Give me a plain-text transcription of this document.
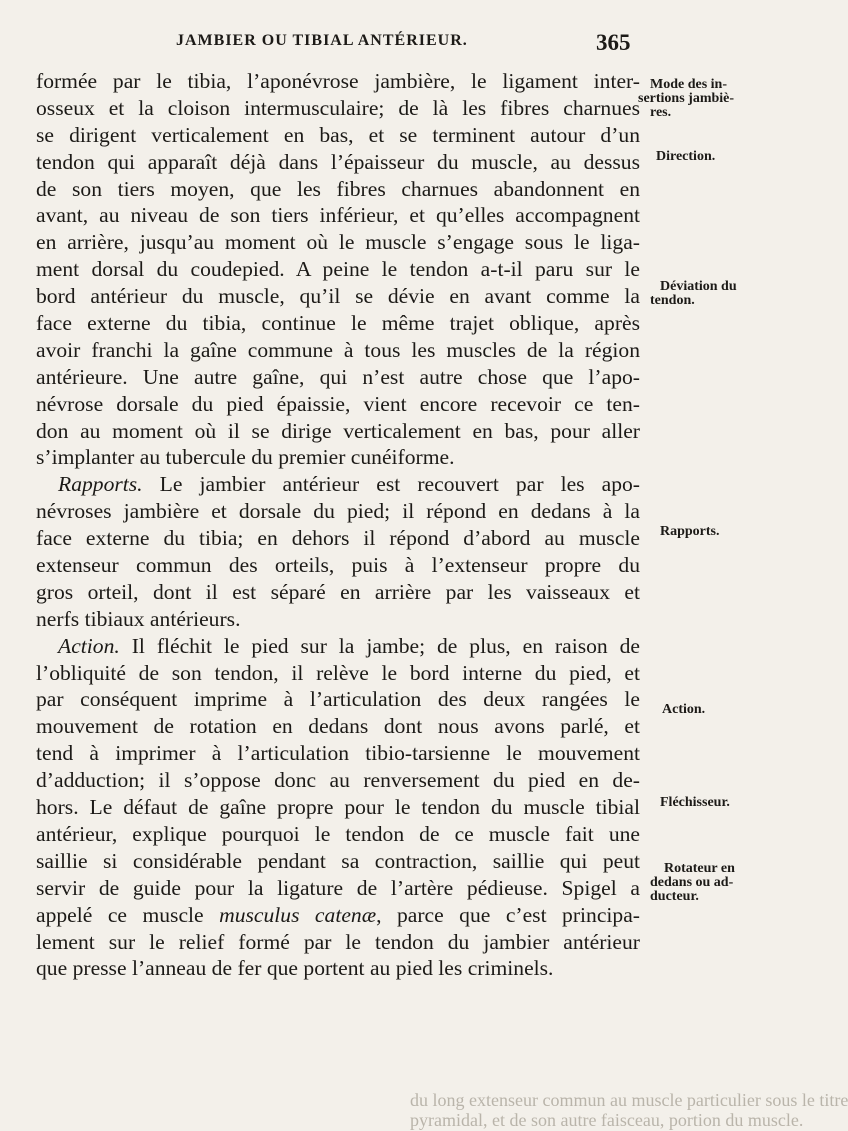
JAMBIER OU TIBIAL ANTÉRIEUR.	365
formée par le tibia, l’aponévrose jambière, le ligament inter-
osseux et la cloison intermusculaire; de là les fibres charnues
se dirigent verticalement en bas, et se terminent autour d’un
tendon qui apparaît déjà dans l’épaisseur du muscle, au dessus
de son tiers moyen, que les fibres charnues abandonnent en
avant, au niveau de son tiers inférieur, et qu’elles accompagnent
en arrière, jusqu’au moment où le muscle s’engage sous le liga-
ment dorsal du coudepied. A peine le tendon a-t-il paru sur le
bord antérieur du muscle, qu’il se dévie en avant comme la
face externe du tibia, continue le même trajet oblique, après
avoir franchi la gaîne commune à tous les muscles de la région
antérieure. Une autre gaîne, qui n’est autre chose que l’apo-
névrose dorsale du pied épaissie, vient encore recevoir ce ten-
don au moment où il se dirige verticalement en bas, pour aller
s’implanter au tubercule du premier cunéiforme.
Rapports. Le jambier antérieur est recouvert par les apo-
névroses jambière et dorsale du pied; il répond en dedans à la
face externe du tibia; en dehors il répond d’abord au muscle
extenseur commun des orteils, puis à l’extenseur propre du
gros orteil, dont il est séparé en arrière par les vaisseaux et
nerfs tibiaux antérieurs.
Action. Il fléchit le pied sur la jambe; de plus, en raison de
l’obliquité de son tendon, il relève le bord interne du pied, et
par conséquent imprime à l’articulation des deux rangées le
mouvement de rotation en dedans dont nous avons parlé, et
tend à imprimer à l’articulation tibio-tarsienne le mouvement
d’adduction; il s’oppose donc au renversement du pied en de-
hors. Le défaut de gaîne propre pour le tendon du muscle tibial
antérieur, explique pourquoi le tendon de ce muscle fait une
saillie si considérable pendant sa contraction, saillie qui peut
servir de guide pour la ligature de l’artère pédieuse. Spigel a
appelé ce muscle musculus catenæ, parce que c’est principa-
lement sur le relief formé par le tendon du jambier antérieur
que presse l’anneau de fer que portent au pied les criminels.
Mode des in-
sertions jambiè-
res.
Direction.
Déviation du
tendon.
Rapports.
Action.
Fléchisseur.
Rotateur en
dedans ou ad-
ducteur.
du long extenseur commun au muscle particulier sous le titre
pyramidal, et de son autre faisceau, portion du muscle.
